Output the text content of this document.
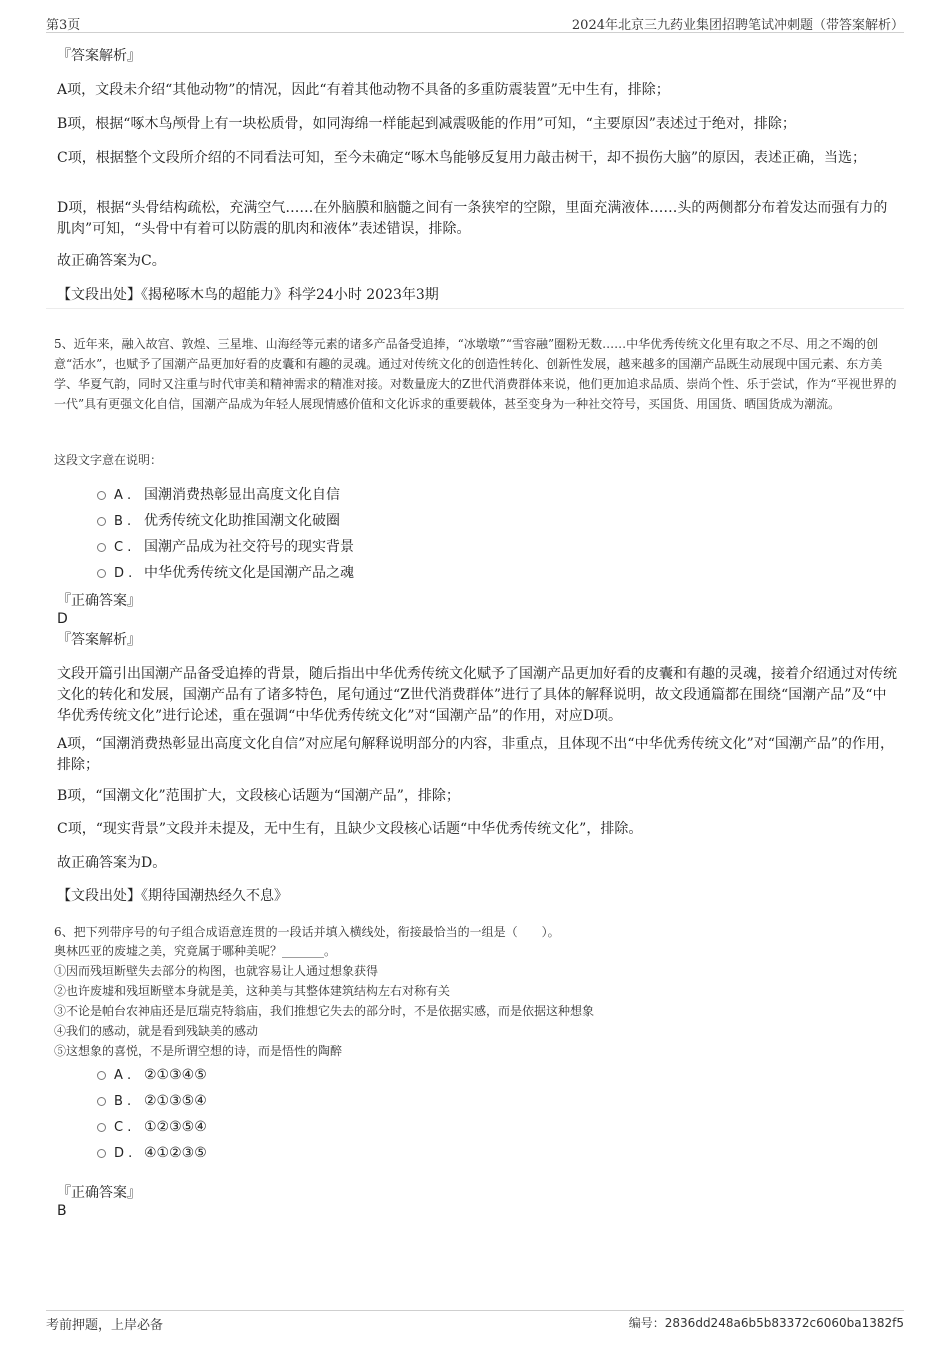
第3页	2024年北京三九药业集团招聘笔试冲刺题（带答案解析）

『答案解析』

A项，文段未介绍“其他动物”的情况，因此“有着其他动物不具备的多重防震装置”无中生有，排除；

B项，根据“啄木鸟颅骨上有一块松质骨，如同海绵一样能起到减震吸能的作用”可知，“主要原因”表述过于绝对，排除；

C项，根据整个文段所介绍的不同看法可知，至今未确定“啄木鸟能够反复用力敲击树干，却不损伤大脑”的原因，表述正确，当选；

D项，根据“头骨结构疏松，充满空气……在外脑膜和脑髓之间有一条狭窄的空隙，里面充满液体……头的两侧都分布着发达而强有力的肌肉”可知，“头骨中有着可以防震的肌肉和液体”表述错误，排除。

故正确答案为C。

【文段出处】《揭秘啄木鸟的超能力》科学24小时 2023年3期

5、近年来，融入故宫、敦煌、三星堆、山海经等元素的诸多产品备受追捧，“冰墩墩”“雪容融”圈粉无数……中华优秀传统文化里有取之不尽、用之不竭的创意“活水”，也赋予了国潮产品更加好看的皮囊和有趣的灵魂。通过对传统文化的创造性转化、创新性发展，越来越多的国潮产品既生动展现中国元素、东方美学、华夏气韵，同时又注重与时代审美和精神需求的精准对接。对数量庞大的Z世代消费群体来说，他们更加追求品质、崇尚个性、乐于尝试，作为“平视世界的一代”具有更强文化自信，国潮产品成为年轻人展现情感价值和文化诉求的重要载体，甚至变身为一种社交符号，买国货、用国货、晒国货成为潮流。

这段文字意在说明：

A . 国潮消费热彰显出高度文化自信
B . 优秀传统文化助推国潮文化破圈
C . 国潮产品成为社交符号的现实背景
D . 中华优秀传统文化是国潮产品之魂

『正确答案』

D

『答案解析』

文段开篇引出国潮产品备受追捧的背景，随后指出中华优秀传统文化赋予了国潮产品更加好看的皮囊和有趣的灵魂，接着介绍通过对传统文化的转化和发展，国潮产品有了诸多特色，尾句通过“Z世代消费群体”进行了具体的解释说明，故文段通篇都在围绕“国潮产品”及“中华优秀传统文化”进行论述，重在强调“中华优秀传统文化”对“国潮产品”的作用，对应D项。

A项，“国潮消费热彰显出高度文化自信”对应尾句解释说明部分的内容，非重点，且体现不出“中华优秀传统文化”对“国潮产品”的作用，排除；

B项，“国潮文化”范围扩大，文段核心话题为“国潮产品”，排除；

C项，“现实背景”文段并未提及，无中生有，且缺少文段核心话题“中华优秀传统文化”，排除。

故正确答案为D。

【文段出处】《期待国潮热经久不息》

6、把下列带序号的句子组合成语意连贯的一段话并填入横线处，衔接最恰当的一组是（　　）。

奥林匹亚的废墟之美，究竟属于哪种美呢？_______。

①因而残垣断壁失去部分的构图，也就容易让人通过想象获得

②也许废墟和残垣断壁本身就是美，这种美与其整体建筑结构左右对称有关

③不论是帕台农神庙还是厄瑞克特翁庙，我们推想它失去的部分时，不是依据实感，而是依据这种想象

④我们的感动，就是看到残缺美的感动

⑤这想象的喜悦，不是所谓空想的诗，而是悟性的陶醉

A . ②①③④⑤
B . ②①③⑤④
C . ①②③⑤④
D . ④①②③⑤

『正确答案』

B

考前押题，上岸必备	编号：2836dd248a6b5b83372c6060ba1382f5
